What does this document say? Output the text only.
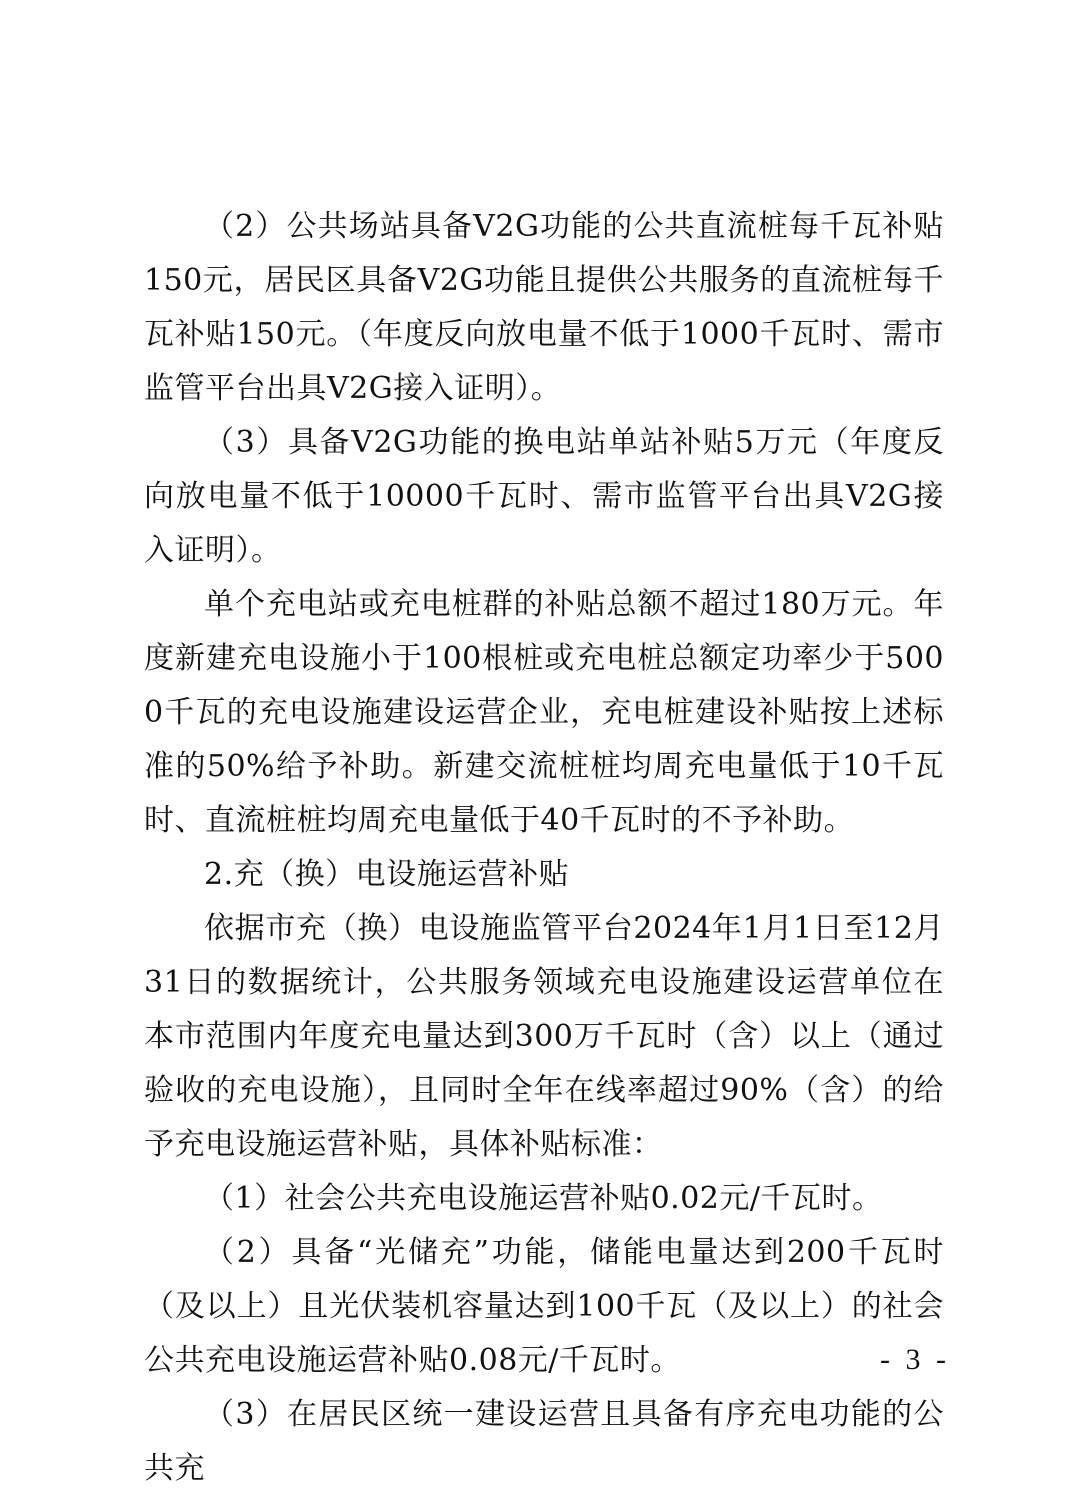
（2）公共场站具备V2G功能的公共直流桩每千瓦补贴150元，居民区具备V2G功能且提供公共服务的直流桩每千瓦补贴150元。（年度反向放电量不低于1000千瓦时、需市监管平台出具V2G接入证明）。

（3）具备V2G功能的换电站单站补贴5万元（年度反向放电量不低于10000千瓦时、需市监管平台出具V2G接入证明）。

单个充电站或充电桩群的补贴总额不超过180万元。年度新建充电设施小于100根桩或充电桩总额定功率少于5000千瓦的充电设施建设运营企业，充电桩建设补贴按上述标准的50%给予补助。新建交流桩桩均周充电量低于10千瓦时、直流桩桩均周充电量低于40千瓦时的不予补助。

2.充（换）电设施运营补贴

依据市充（换）电设施监管平台2024年1月1日至12月31日的数据统计，公共服务领域充电设施建设运营单位在本市范围内年度充电量达到300万千瓦时（含）以上（通过验收的充电设施），且同时全年在线率超过90%（含）的给予充电设施运营补贴，具体补贴标准：

（1）社会公共充电设施运营补贴0.02元/千瓦时。

（2）具备“光储充”功能，储能电量达到200千瓦时（及以上）且光伏装机容量达到100千瓦（及以上）的社会公共充电设施运营补贴0.08元/千瓦时。

（3）在居民区统一建设运营且具备有序充电功能的公共充

- 3 -
